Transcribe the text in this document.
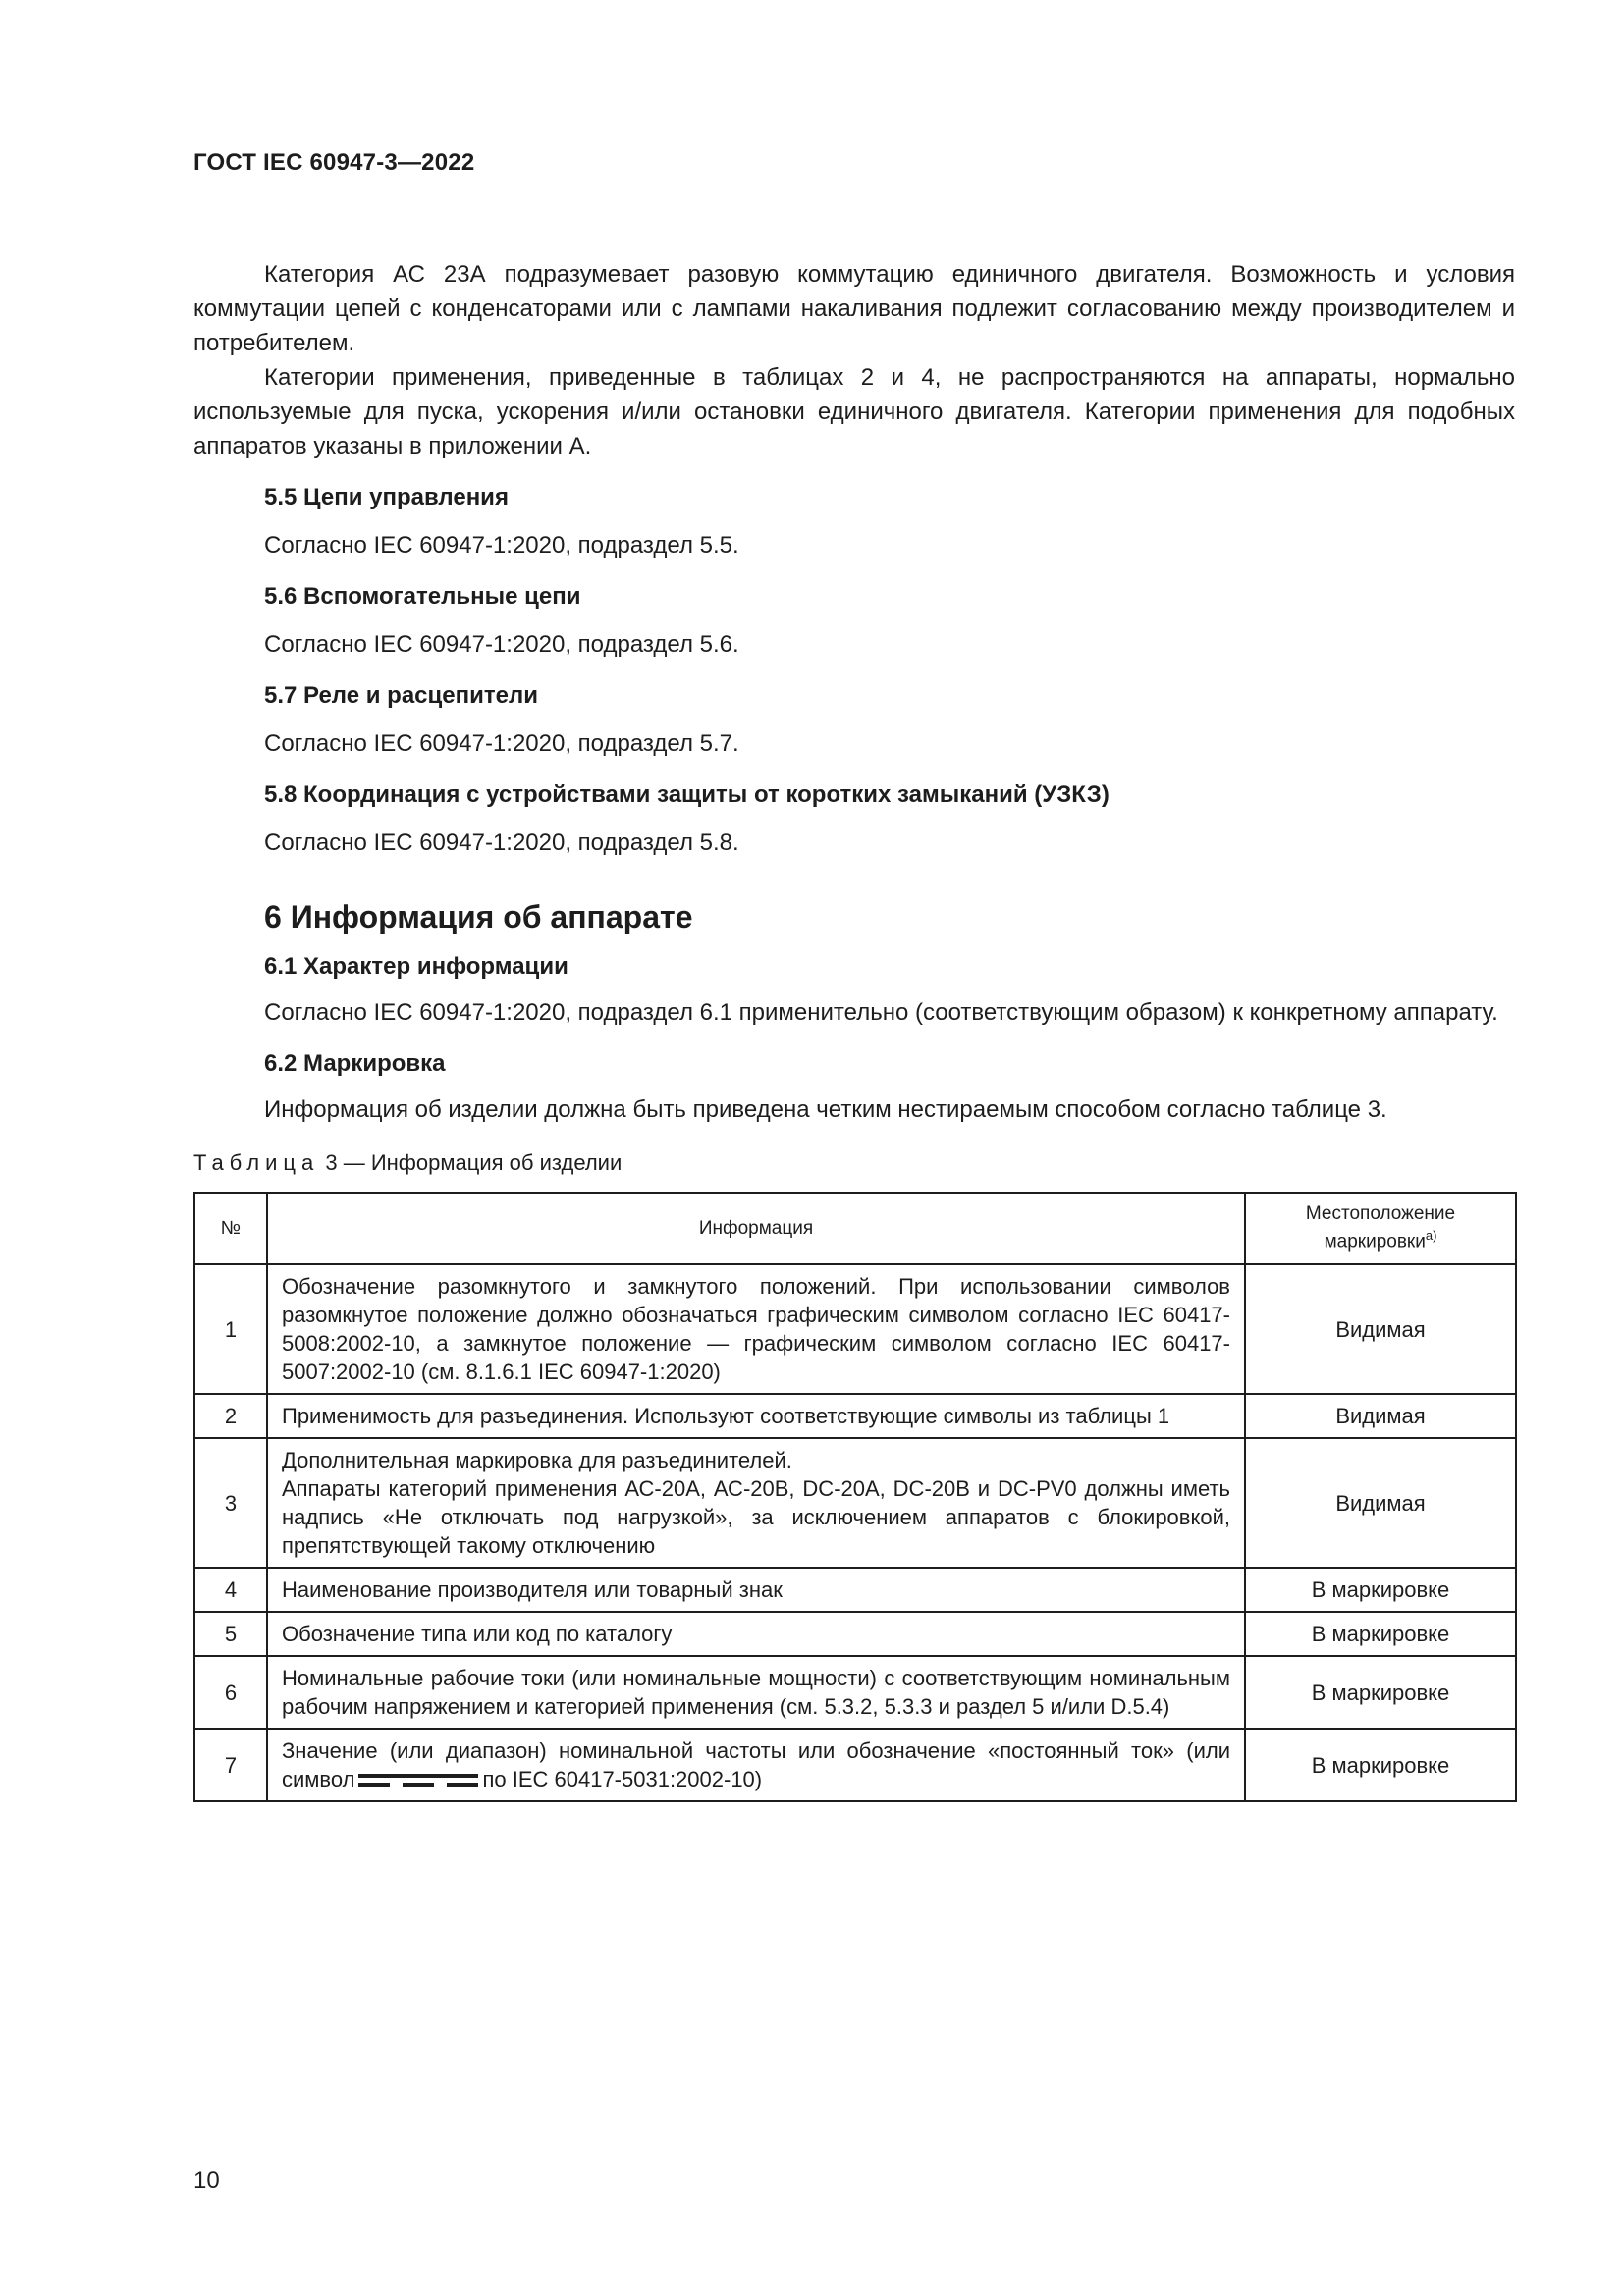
ГОСТ IEC 60947-3—2022

Категория АС 23А подразумевает разовую коммутацию единичного двигателя. Возможность и условия коммутации цепей с конденсаторами или с лампами накаливания подлежит согласованию между производителем и потребителем.

Категории применения, приведенные в таблицах 2 и 4, не распространяются на аппараты, нормально используемые для пуска, ускорения и/или остановки единичного двигателя. Категории применения для подобных аппаратов указаны в приложении А.

5.5 Цепи управления

Согласно IEC 60947-1:2020, подраздел 5.5.

5.6 Вспомогательные цепи

Согласно IEC 60947-1:2020, подраздел 5.6.

5.7 Реле и расцепители

Согласно IEC 60947-1:2020, подраздел 5.7.

5.8 Координация с устройствами защиты от коротких замыканий (УЗКЗ)

Согласно IEC 60947-1:2020, подраздел 5.8.

6 Информация об аппарате

6.1 Характер информации

Согласно IEC 60947-1:2020, подраздел 6.1 применительно (соответствующим образом) к конкретному аппарату.

6.2 Маркировка

Информация об изделии должна быть приведена четким нестираемым способом согласно таблице 3.

Таблица 3 — Информация об изделии

№	Информация	Местоположение
маркировки$^{а)}$
1	Обозначение разомкнутого и замкнутого положений. При использовании символов разомкнутое положение должно обозначаться графическим символом согласно IEC 60417-5008:2002-10, а замкнутое положение — графическим символом согласно IEC 60417-5007:2002-10 (см. 8.1.6.1 IEC 60947-1:2020)	Видимая
2	Применимость для разъединения. Используют соответствующие символы из таблицы 1	Видимая
3	Дополнительная маркировка для разъединителей.
Аппараты категорий применения АС-20А, АС-20В, DC-20A, DC-20B и DC-PV0 должны иметь надпись «Не отключать под нагрузкой», за исключением аппаратов с блокировкой, препятствующей такому отключению	Видимая
4	Наименование производителя или товарный знак	В маркировке
5	Обозначение типа или код по каталогу	В маркировке
6	Номинальные рабочие токи (или номинальные мощности) с соответствующим номинальным рабочим напряжением и категорией применения (см. 5.3.2, 5.3.3 и раздел 5 и/или D.5.4)	В маркировке
7	Значение (или диапазон) номинальной частоты или обозначение «постоянный ток» (или символ по IEC 60417-5031:2002-10)	В маркировке
10
